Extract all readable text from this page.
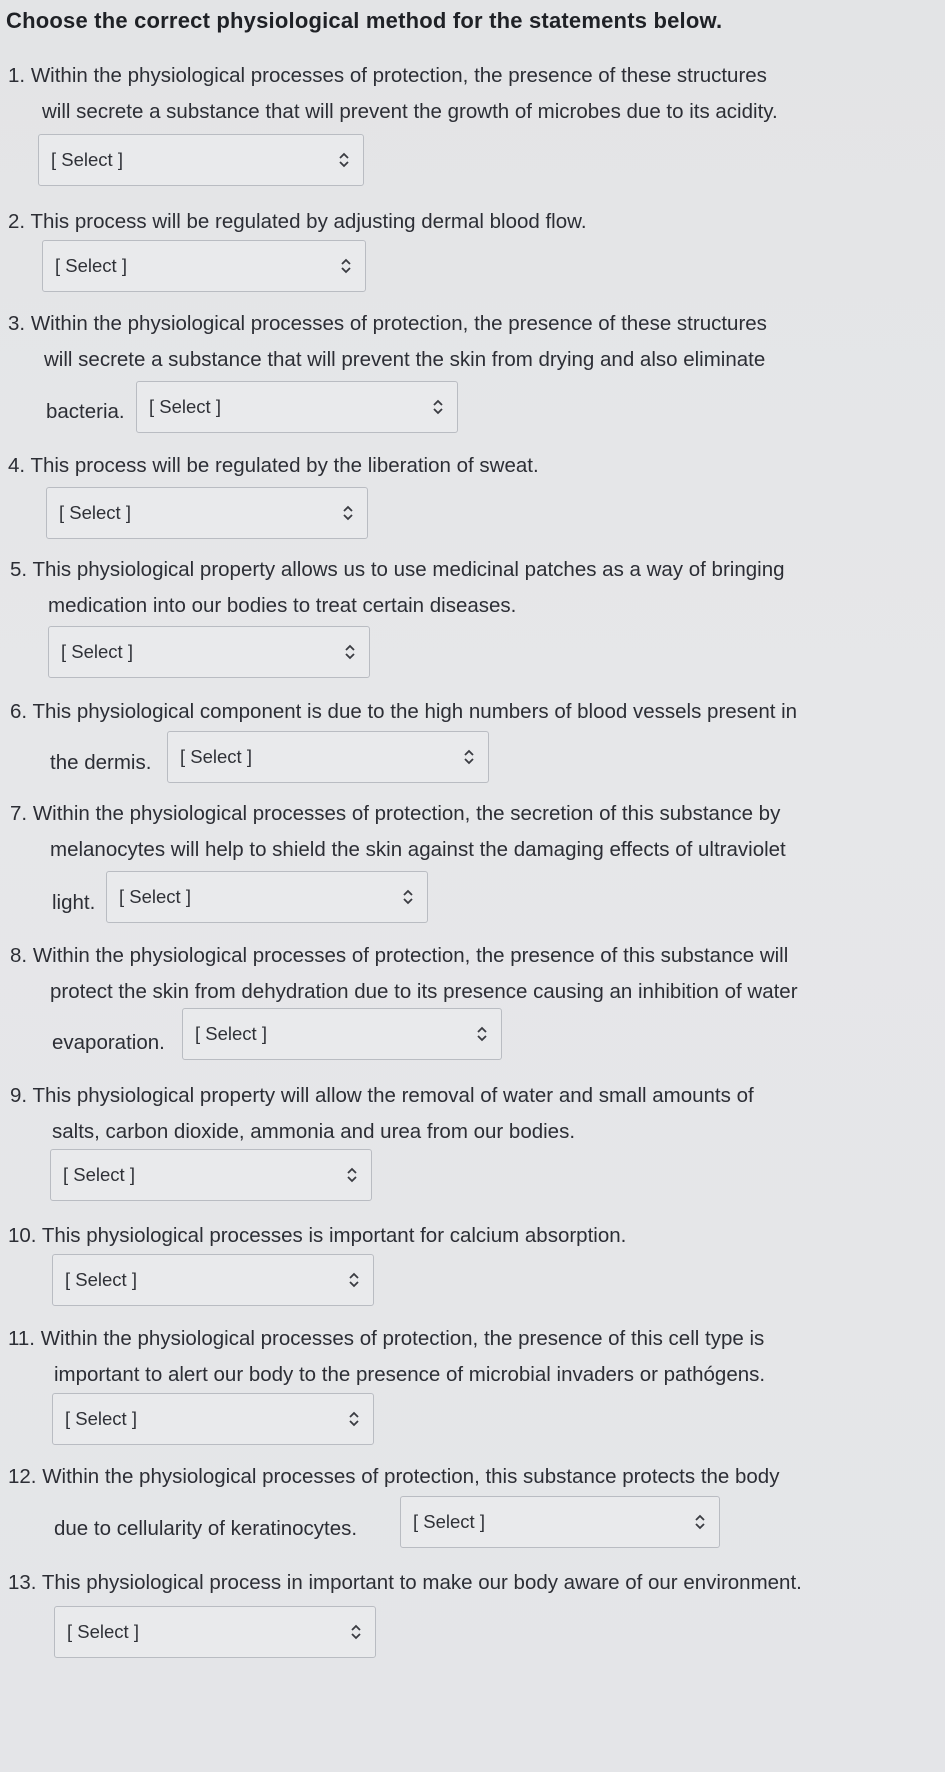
Choose the correct physiological method for the statements below.
1. Within the physiological processes of protection, the presence of these structures
will secrete a substance that will prevent the growth of microbes due to its acidity.
[ Select ]
2. This process will be regulated by adjusting dermal blood flow.
[ Select ]
3. Within the physiological processes of protection, the presence of these structures
will secrete a substance that will prevent the skin from drying and also eliminate
bacteria. [ Select ]
4. This process will be regulated by the liberation of sweat.
[ Select ]
5. This physiological property allows us to use medicinal patches as a way of bringing
medication into our bodies to treat certain diseases.
[ Select ]
6. This physiological component is due to the high numbers of blood vessels present in
the dermis. [ Select ]
7. Within the physiological processes of protection, the secretion of this substance by
melanocytes will help to shield the skin against the damaging effects of ultraviolet
light. [ Select ]
8. Within the physiological processes of protection, the presence of this substance will
protect the skin from dehydration due to its presence causing an inhibition of water
evaporation. [ Select ]
9. This physiological property will allow the removal of water and small amounts of
salts, carbon dioxide, ammonia and urea from our bodies.
[ Select ]
10. This physiological processes is important for calcium absorption.
[ Select ]
11. Within the physiological processes of protection, the presence of this cell type is
important to alert our body to the presence of microbial invaders or pathógens.
[ Select ]
12. Within the physiological processes of protection, this substance protects the body
due to cellularity of keratinocytes.	[ Select ]
13. This physiological process in important to make our body aware of our environment.
[ Select ]
